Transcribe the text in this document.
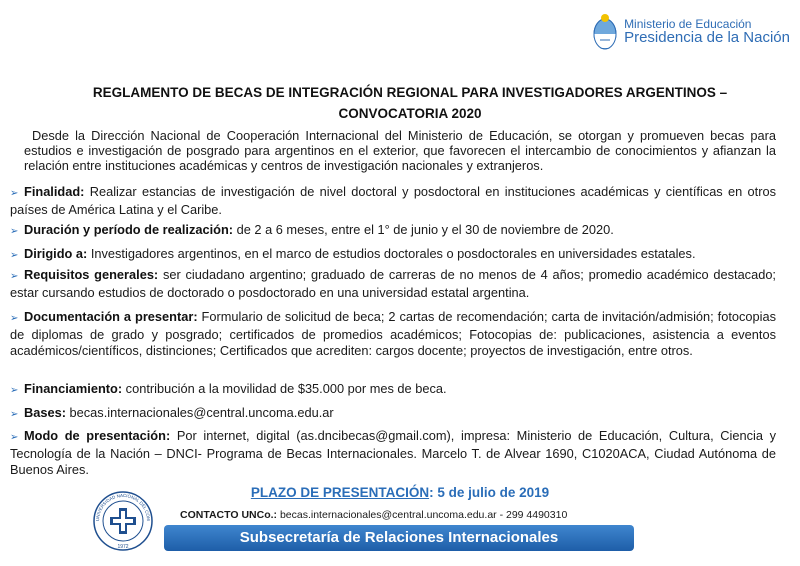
Ministerio de Educación
Presidencia de la Nación
REGLAMENTO DE BECAS DE INTEGRACIÓN REGIONAL PARA INVESTIGADORES ARGENTINOS –
CONVOCATORIA 2020
Desde la Dirección Nacional de Cooperación Internacional del Ministerio de Educación, se otorgan y promueven becas para estudios e investigación de posgrado para argentinos en el exterior, que favorecen el intercambio de conocimientos y afianzan la relación entre instituciones académicas y centros de investigación nacionales y extranjeros.
➢ Finalidad: Realizar estancias de investigación de nivel doctoral y posdoctoral en instituciones académicas y científicas en otros países de América Latina y el Caribe.
➢ Duración y período de realización: de 2 a 6 meses, entre el 1° de junio y el 30 de noviembre de 2020.
➢ Dirigido a: Investigadores argentinos, en el marco de estudios doctorales o posdoctorales en universidades estatales.
➢ Requisitos generales: ser ciudadano argentino; graduado de carreras de no menos de 4 años; promedio académico destacado; estar cursando estudios de doctorado o posdoctorado en una universidad estatal argentina.
➢ Documentación a presentar: Formulario de solicitud de beca; 2 cartas de recomendación; carta de invitación/admisión; fotocopias de diplomas de grado y posgrado; certificados de promedios académicos; Fotocopias de: publicaciones, asistencia a eventos académicos/científicos, distinciones; Certificados que acrediten: cargos docente; proyectos de investigación, entre otros.
➢ Financiamiento: contribución a la movilidad de $35.000 por mes de beca.
➢ Bases: becas.internacionales@central.uncoma.edu.ar
➢ Modo de presentación: Por internet, digital (as.dncibecas@gmail.com), impresa: Ministerio de Educación, Cultura, Ciencia y Tecnología de la Nación – DNCI- Programa de Becas Internacionales. Marcelo T. de Alvear 1690, C1020ACA, Ciudad Autónoma de Buenos Aires.
UNIVERSIDAD NACIONAL DEL COM
1972
PLAZO DE PRESENTACIÓN: 5 de julio de 2019
CONTACTO UNCo.: becas.internacionales@central.uncoma.edu.ar - 299 4490310
Subsecretaría de Relaciones Internacionales
